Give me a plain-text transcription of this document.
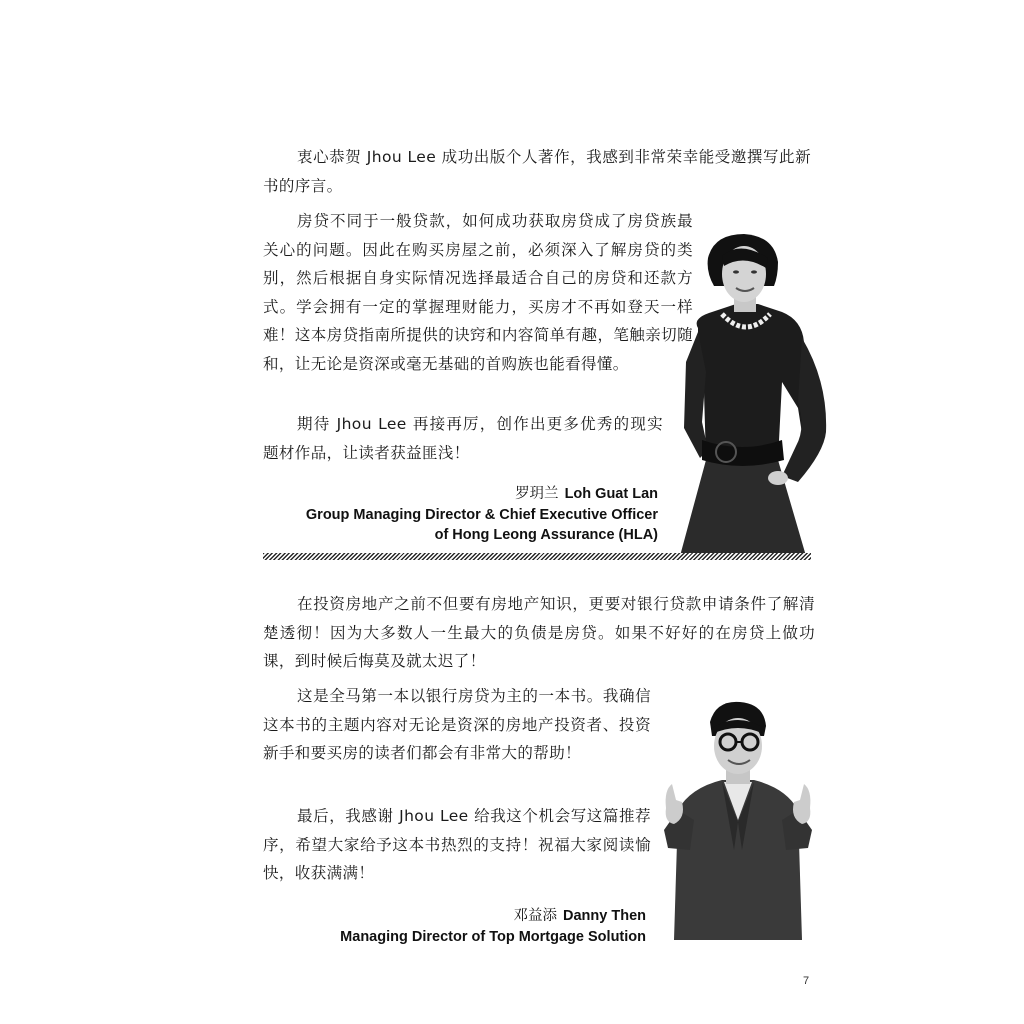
衷心恭贺 Jhou Lee 成功出版个人著作，我感到非常荣幸能受邀撰写此新书的序言。

房贷不同于一般贷款，如何成功获取房贷成了房贷族最关心的问题。因此在购买房屋之前，必须深入了解房贷的类别，然后根据自身实际情况选择最适合自己的房贷和还款方式。学会拥有一定的掌握理财能力，买房才不再如登天一样难！这本房贷指南所提供的诀窍和内容简单有趣，笔触亲切随和，让无论是资深或毫无基础的首购族也能看得懂。

期待 Jhou Lee 再接再厉，创作出更多优秀的现实题材作品，让读者获益匪浅！

罗玥兰 Loh Guat Lan
Group Managing Director & Chief Executive Officer
of Hong Leong Assurance (HLA)

在投资房地产之前不但要有房地产知识，更要对银行贷款申请条件了解清楚透彻！因为大多数人一生最大的负债是房贷。如果不好好的在房贷上做功课，到时候后悔莫及就太迟了！

这是全马第一本以银行房贷为主的一本书。我确信这本书的主题内容对无论是资深的房地产投资者、投资新手和要买房的读者们都会有非常大的帮助！

最后，我感谢 Jhou Lee 给我这个机会写这篇推荐序，希望大家给予这本书热烈的支持！祝福大家阅读愉快，收获满满！

邓益添 Danny Then
Managing Director of Top Mortgage Solution
7
